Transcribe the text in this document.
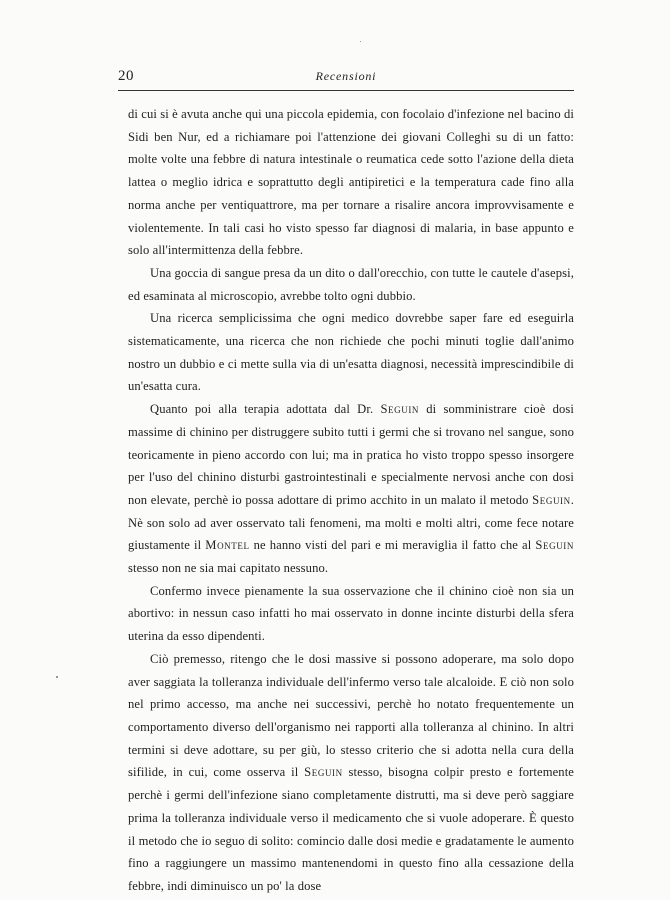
20	Recensioni

di cui si è avuta anche qui una piccola epidemia, con focolaio d'infezione nel bacino di Sidi ben Nur, ed a richiamare poi l'attenzione dei giovani Colleghi su di un fatto: molte volte una febbre di natura intestinale o reumatica cede sotto l'azione della dieta lattea o meglio idrica e soprattutto degli antipiretici e la temperatura cade fino alla norma anche per ventiquattrore, ma per tornare a risalire ancora improvvisamente e violentemente. In tali casi ho visto spesso far diagnosi di malaria, in base appunto e solo all'intermittenza della febbre.

Una goccia di sangue presa da un dito o dall'orecchio, con tutte le cautele d'asepsi, ed esaminata al microscopio, avrebbe tolto ogni dubbio.

Una ricerca semplicissima che ogni medico dovrebbe saper fare ed eseguirla sistematicamente, una ricerca che non richiede che pochi minuti toglie dall'animo nostro un dubbio e ci mette sulla via di un'esatta diagnosi, necessità imprescindibile di un'esatta cura.

Quanto poi alla terapia adottata dal Dr. Seguin di somministrare cioè dosi massime di chinino per distruggere subito tutti i germi che si trovano nel sangue, sono teoricamente in pieno accordo con lui; ma in pratica ho visto troppo spesso insorgere per l'uso del chinino disturbi gastrointestinali e specialmente nervosi anche con dosi non elevate, perchè io possa adottare di primo acchito in un malato il metodo Seguin. Nè son solo ad aver osservato tali fenomeni, ma molti e molti altri, come fece notare giustamente il Montel ne hanno visti del pari e mi meraviglia il fatto che al Seguin stesso non ne sia mai capitato nessuno.

Confermo invece pienamente la sua osservazione che il chinino cioè non sia un abortivo: in nessun caso infatti ho mai osservato in donne incinte disturbi della sfera uterina da esso dipendenti.

Ciò premesso, ritengo che le dosi massive si possono adoperare, ma solo dopo aver saggiata la tolleranza individuale dell'infermo verso tale alcaloide. E ciò non solo nel primo accesso, ma anche nei successivi, perchè ho notato frequentemente un comportamento diverso dell'organismo nei rapporti alla tolleranza al chinino. In altri termini si deve adottare, su per giù, lo stesso criterio che si adotta nella cura della sifilide, in cui, come osserva il Seguin stesso, bisogna colpir presto e fortemente perchè i germi dell'infezione siano completamente distrutti, ma si deve però saggiare prima la tolleranza individuale verso il medicamento che si vuole adoperare. È questo il metodo che io seguo di solito: comincio dalle dosi medie e gradatamente le aumento fino a raggiungere un massimo mantenendomi in questo fino alla cessazione della febbre, indi diminuisco un po' la dose
